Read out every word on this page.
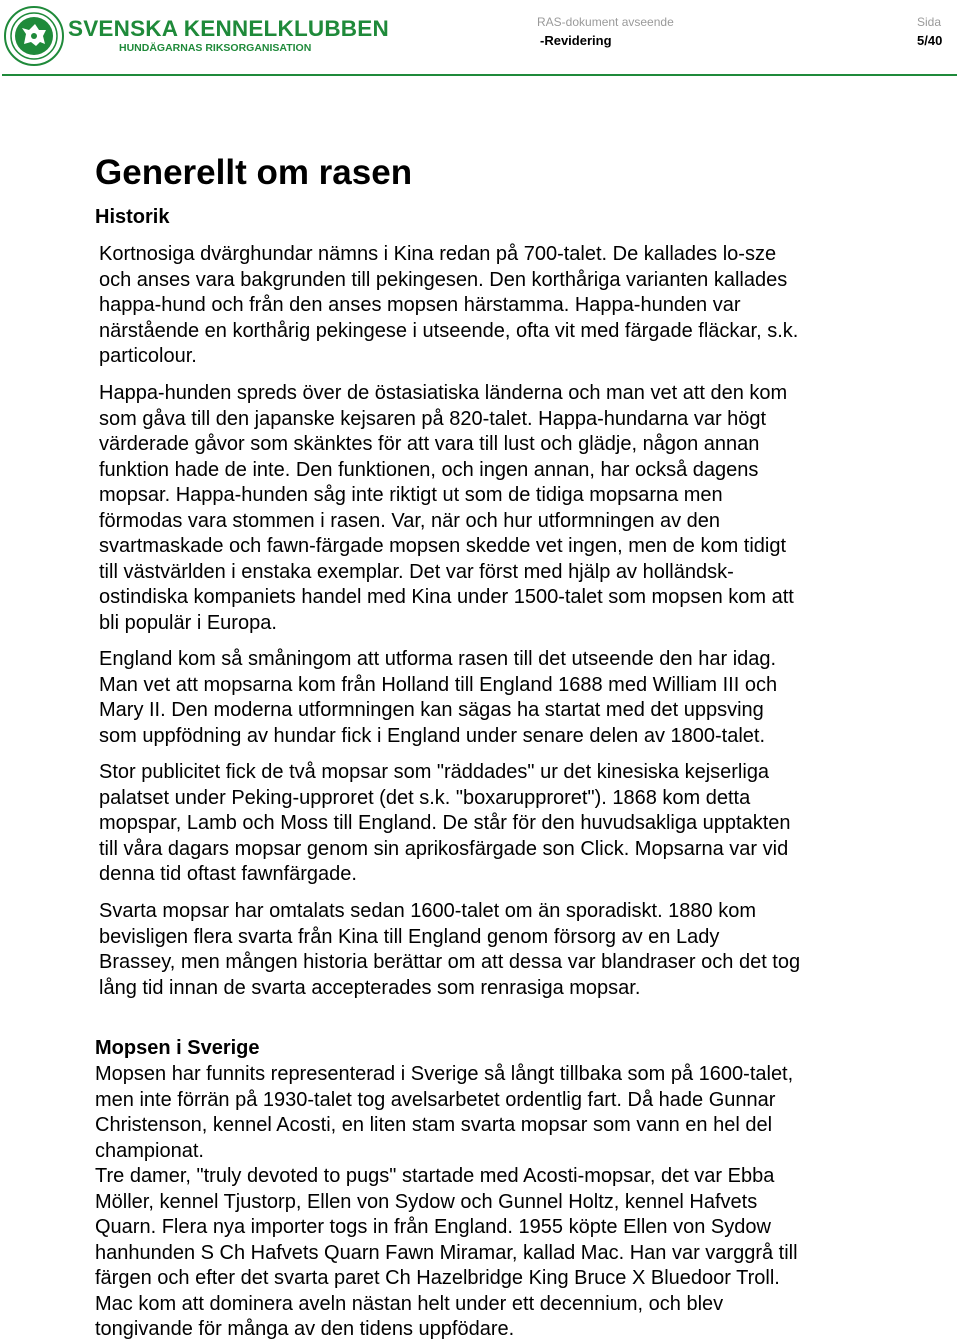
SVENSKA KENNELKLUBBEN
HUNDÄGARNAS RIKSORGANISATION
RAS-dokument avseende
-Revidering
Sida
5/40
Generellt om rasen
Historik
Kortnosiga dvärghundar nämns i Kina redan på 700-talet. De kallades lo-sze
och anses vara bakgrunden till pekingesen. Den korthåriga varianten kallades
happa-hund och från den anses mopsen härstamma. Happa-hunden var
närstående en korthårig pekingese i utseende, ofta vit med färgade fläckar, s.k.
particolour.
Happa-hunden spreds över de östasiatiska länderna och man vet att den kom
som gåva till den japanske kejsaren på 820-talet. Happa-hundarna var högt
värderade gåvor som skänktes för att vara till lust och glädje, någon annan
funktion hade de inte. Den funktionen, och ingen annan, har också dagens
mopsar. Happa-hunden såg inte riktigt ut som de tidiga mopsarna men
förmodas vara stommen i rasen. Var, när och hur utformningen av den
svartmaskade och fawn-färgade mopsen skedde vet ingen, men de kom tidigt
till västvärlden i enstaka exemplar. Det var först med hjälp av holländsk-
ostindiska kompaniets handel med Kina under 1500-talet som mopsen kom att
bli populär i Europa.
England kom så småningom att utforma rasen till det utseende den har idag.
Man vet att mopsarna kom från Holland till England 1688 med William III och
Mary II. Den moderna utformningen kan sägas ha startat med det uppsving
som uppfödning av hundar fick i England under senare delen av 1800-talet.
Stor publicitet fick de två mopsar som "räddades" ur det kinesiska kejserliga
palatset under Peking-upproret (det s.k. "boxarupproret"). 1868 kom detta
mopspar, Lamb och Moss till England. De står för den huvudsakliga upptakten
till våra dagars mopsar genom sin aprikosfärgade son Click. Mopsarna var vid
denna tid oftast fawnfärgade.
Svarta mopsar har omtalats sedan 1600-talet om än sporadiskt. 1880 kom
bevisligen flera svarta från Kina till England genom försorg av en Lady
Brassey, men mången historia berättar om att dessa var blandraser och det tog
lång tid innan de svarta accepterades som renrasiga mopsar.
Mopsen i Sverige
Mopsen har funnits representerad i Sverige så långt tillbaka som på 1600-talet,
men inte förrän på 1930-talet tog avelsarbetet ordentlig fart. Då hade Gunnar
Christenson, kennel Acosti, en liten stam svarta mopsar som vann en hel del
championat.
Tre damer, "truly devoted to pugs" startade med Acosti-mopsar, det var Ebba
Möller, kennel Tjustorp, Ellen von Sydow och Gunnel Holtz, kennel Hafvets
Quarn. Flera nya importer togs in från England. 1955 köpte Ellen von Sydow
hanhunden S Ch Hafvets Quarn Fawn Miramar, kallad Mac. Han var varggrå till
färgen och efter det svarta paret Ch Hazelbridge King Bruce X Bluedoor Troll.
Mac kom att dominera aveln nästan helt under ett decennium, och blev
tongivande för många av den tidens uppfödare.
